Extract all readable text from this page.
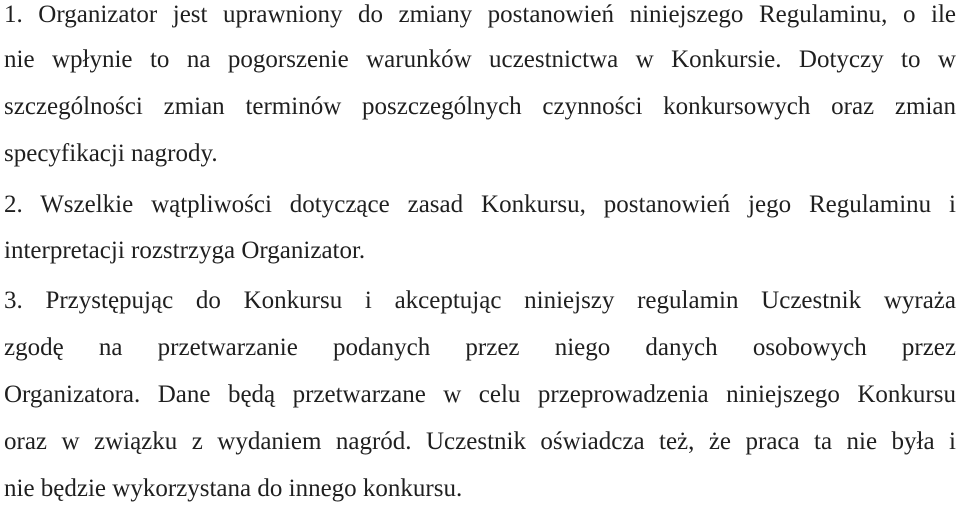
1. Organizator jest uprawniony do zmiany postanowień niniejszego Regulaminu, o ile
nie wpłynie to na pogorszenie warunków uczestnictwa w Konkursie. Dotyczy to w
szczególności zmian terminów poszczególnych czynności konkursowych oraz zmian
specyfikacji nagrody.
2. Wszelkie wątpliwości dotyczące zasad Konkursu, postanowień jego Regulaminu i
interpretacji rozstrzyga Organizator.
3. Przystępując do Konkursu i akceptując niniejszy regulamin Uczestnik wyraża
zgodę na przetwarzanie podanych przez niego danych osobowych przez
Organizatora. Dane będą przetwarzane w celu przeprowadzenia niniejszego Konkursu
oraz w związku z wydaniem nagród. Uczestnik oświadcza też, że praca ta nie była i
nie będzie wykorzystana do innego konkursu.
